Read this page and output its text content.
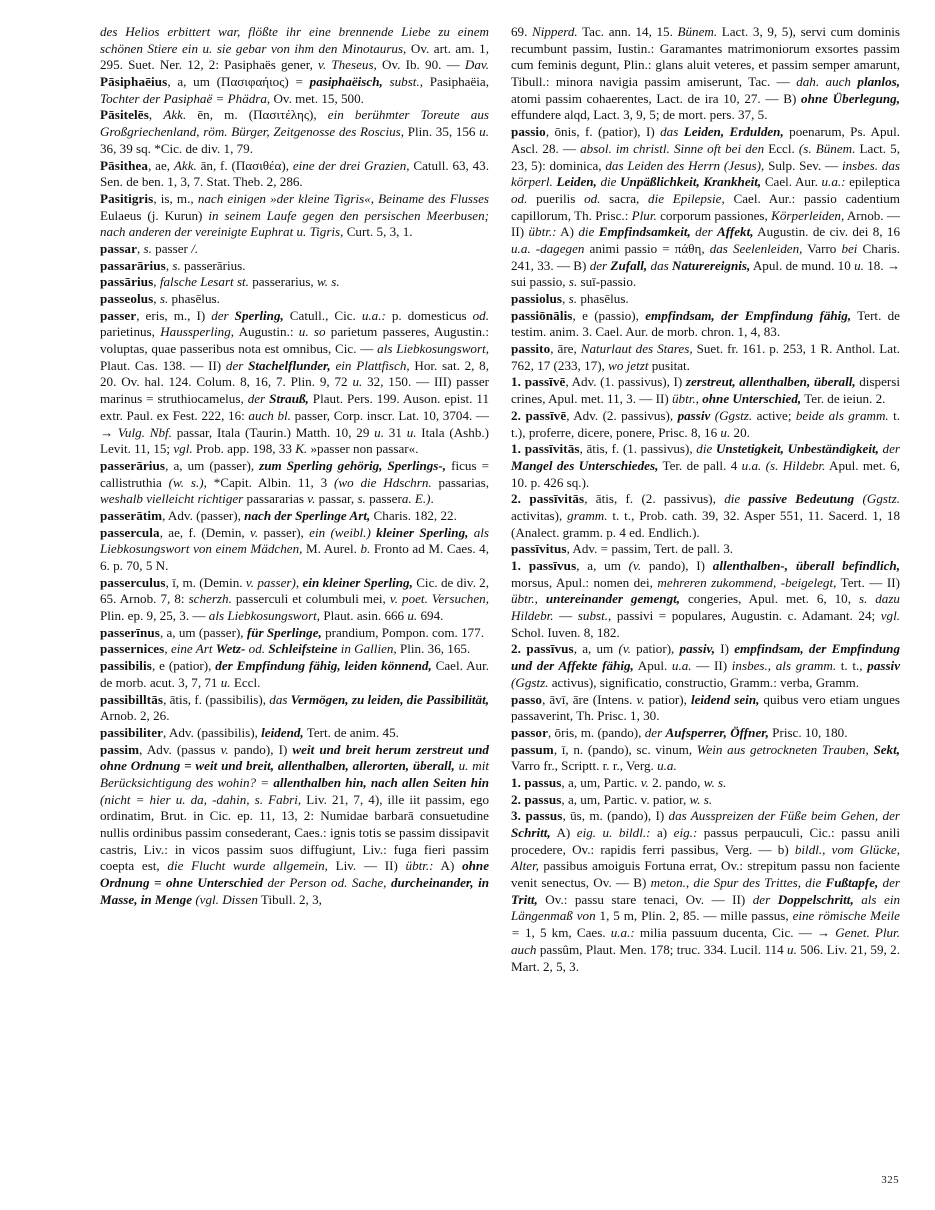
des Helios erbittert war, flößte ihr eine brennende Liebe zu einem schönen Stiere ein u. sie gebar von ihm den Minotaurus, Ov. art. am. 1, 295. Suet. Ner. 12, 2: Pasiphaës gener, v. Theseus, Ov. Ib. 90. — Dav. Pāsiphaēius, a, um (Πασιφαήιος) = pasiphaëisch, subst., Pasiphaëia, Tochter der Pasiphaë = Phädra, Ov. met. 15, 500.

Pāsitelēs, Akk. ēn, m. (Πασιτέλης), ein berühmter Toreute aus Großgriechenland, röm. Bürger, Zeitgenosse des Roscius, Plin. 35, 156 u. 36, 39 sq. *Cic. de div. 1, 79.

Pāsithea, ae, Akk. ān, f. (Πασιθέα), eine der drei Grazien, Catull. 63, 43. Sen. de ben. 1, 3, 7. Stat. Theb. 2, 286.

Pasitigris, is, m., nach einigen »der kleine Tigris«, Beiname des Flusses Eulaeus (j. Kurun) in seinem Laufe gegen den persischen Meerbusen; nach anderen der vereinigte Euphrat u. Tigris, Curt. 5, 3, 1.

passar, s. passer /.

passarārius, s. passerārius.

passārius, falsche Lesart st. passerarius, w. s.

passeolus, s. phasēlus.

passer, eris, m., I) der Sperling, Catull., Cic. u.a.: p. domesticus od. parietinus, Haussperling, Augustin.: u. so parietum passeres, Augustin.: voluptas, quae passeribus nota est omnibus, Cic. — als Liebkosungswort, Plaut. Cas. 138. — II) der Stachelflunder, ein Plattfisch, Hor. sat. 2, 8, 20. Ov. hal. 124. Colum. 8, 16, 7. Plin. 9, 72 u. 32, 150. — III) passer marinus = struthiocamelus, der Strauß, Plaut. Pers. 199. Auson. epist. 11 extr. Paul. ex Fest. 222, 16: auch bl. passer, Corp. inscr. Lat. 10, 3704. — → Vulg. Nbf. passar, Itala (Taurin.) Matth. 10, 29 u. 31 u. Itala (Ashb.) Levit. 11, 15; vgl. Prob. app. 198, 33 K. »passer non passar«.

passerārius, a, um (passer), zum Sperling gehörig, Sperlings-, ficus = callistruthia (w. s.), *Capit. Albin. 11, 3 (wo die Hdschrn. passarias, weshalb vielleicht richtiger passararias v. passar, s. passera. E.).

passerātim, Adv. (passer), nach der Sperlinge Art, Charis. 182, 22.

passercula, ae, f. (Demin, v. passer), ein (weibl.) kleiner Sperling, als Liebkosungswort von einem Mädchen, M. Aurel. b. Fronto ad M. Caes. 4, 6. p. 70, 5 N.

passerculus, ī, m. (Demin. v. passer), ein kleiner Sperling, Cic. de div. 2, 65. Arnob. 7, 8: scherzh. passerculi et columbuli mei, v. poet. Versuchen, Plin. ep. 9, 25, 3. — als Liebkosungswort, Plaut. asin. 666 u. 694.

passerīnus, a, um (passer), für Sperlinge, prandium, Pompon. com. 177.

passernices, eine Art Wetz- od. Schleifsteine in Gallien, Plin. 36, 165.

passibilis, e (patior), der Empfindung fähig, leiden könnend, Cael. Aur. de morb. acut. 3, 7, 71 u. Eccl.

passibilltās, ātis, f. (passibilis), das Vermögen, zu leiden, die Passibilität, Arnob. 2, 26.

passibiliter, Adv. (passibilis), leidend, Tert. de anim. 45.

passim, Adv. (passus v. pando), I) weit und breit herum zerstreut und ohne Ordnung = weit und breit, allenthalben, allerorten, überall, u. mit Berücksichtigung des wohin? = allenthalben hin, nach allen Seiten hin (nicht = hier u. da, -dahin, s. Fabri, Liv. 21, 7, 4), ille iit passim, ego ordinatim, Brut. in Cic. ep. 11, 13, 2: Numidae barbarā consuetudine nullis ordinibus passim consederant, Caes.: ignis totis se passim dissipavit castris, Liv.: in vicos passim suos diffugiunt, Liv.: fuga fieri passim coepta est, die Flucht wurde allgemein, Liv. — II) übtr.: A) ohne Ordnung = ohne Unterschied der Person od. Sache, durcheinander, in Masse, in Menge (vgl. Dissen Tibull. 2, 3,

69. Nipperd. Tac. ann. 14, 15. Bünem. Lact. 3, 9, 5), servi cum dominis recumbunt passim, Iustin.: Garamantes matrimoniorum exsortes passim cum feminis degunt, Plin.: glans aluit veteres, et passim semper amarunt, Tibull.: minora navigia passim amiserunt, Tac. — dah. auch planlos, atomi passim cohaerentes, Lact. de ira 10, 27. — B) ohne Überlegung, effundere alqd, Lact. 3, 9, 5; de mort. pers. 37, 5.

passio, ōnis, f. (patior), I) das Leiden, Erdulden, poenarum, Ps. Apul. Ascl. 28. — absol. im christl. Sinne oft bei den Eccl. (s. Bünem. Lact. 5, 23, 5): dominica, das Leiden des Herrn (Jesus), Sulp. Sev. — insbes. das körperl. Leiden, die Unpäßlichkeit, Krankheit, Cael. Aur. u.a.: epileptica od. puerilis od. sacra, die Epilepsie, Cael. Aur.: passio cadentium capillorum, Th. Prisc.: Plur. corporum passiones, Körperleiden, Arnob. — II) übtr.: A) die Empfindsamkeit, der Affekt, Augustin. de civ. dei 8, 16 u.a. -dagegen animi passio = πάθη, das Seelenleiden, Varro bei Charis. 241, 33. — B) der Zufall, das Naturereignis, Apul. de mund. 10 u. 18. → sui passio, s. suī-passio.

passiolus, s. phasēlus.

passiōnālis, e (passio), empfindsam, der Empfindung fähig, Tert. de testim. anim. 3. Cael. Aur. de morb. chron. 1, 4, 83.

passito, āre, Naturlaut des Stares, Suet. fr. 161. p. 253, 1 R. Anthol. Lat. 762, 17 (233, 17), wo jetzt pusitat.

1. passīvē, Adv. (1. passivus), I) zerstreut, allenthalben, überall, dispersi crines, Apul. met. 11, 3. — II) übtr., ohne Unterschied, Ter. de ieiun. 2.

2. passīvē, Adv. (2. passivus), passiv (Ggstz. active; beide als gramm. t. t.), proferre, dicere, ponere, Prisc. 8, 16 u. 20.

1. passīvitās, ātis, f. (1. passivus), die Unstetigkeit, Unbeständigkeit, der Mangel des Unterschiedes, Ter. de pall. 4 u.a. (s. Hildebr. Apul. met. 6, 10. p. 426 sq.).

2. passīvitās, ātis, f. (2. passivus), die passive Bedeutung (Ggstz. activitas), gramm. t. t., Prob. cath. 39, 32. Asper 551, 11. Sacerd. 1, 18 (Analect. gramm. p. 4 ed. Endlich.).

passīvitus, Adv. = passim, Tert. de pall. 3.

1. passīvus, a, um (v. pando), I) allenthalben-, überall befindlich, morsus, Apul.: nomen dei, mehreren zukommend, -beigelegt, Tert. — II) übtr., untereinander gemengt, congeries, Apul. met. 6, 10, s. dazu Hildebr. — subst., passivi = populares, Augustin. c. Adamant. 24; vgl. Schol. Iuven. 8, 182.

2. passīvus, a, um (v. patior), passiv, I) empfindsam, der Empfindung und der Affekte fähig, Apul. u.a. — II) insbes., als gramm. t. t., passiv (Ggstz. activus), significatio, constructio, Gramm.: verba, Gramm.

passo, āvī, āre (Intens. v. patior), leidend sein, quibus vero etiam ungues passaverint, Th. Prisc. 1, 30.

passor, ōris, m. (pando), der Aufsperrer, Öffner, Prisc. 10, 180.

passum, ī, n. (pando), sc. vinum, Wein aus getrockneten Trauben, Sekt, Varro fr., Scriptt. r. r., Verg. u.a.

1. passus, a, um, Partic. v. 2. pando, w. s.

2. passus, a, um, Partic. v. patior, w. s.

3. passus, ūs, m. (pando), I) das Ausspreizen der Füße beim Gehen, der Schritt, A) eig. u. bildl.: a) eig.: passus perpauculi, Cic.: passu anili procedere, Ov.: rapidis ferri passibus, Verg. — b) bildl., vom Glücke, Alter, passibus amoiguis Fortuna errat, Ov.: strepitum passu non faciente venit senectus, Ov. — B) meton., die Spur des Trittes, die Fußtapfe, der Tritt, Ov.: passu stare tenaci, Ov. — II) der Doppelschritt, als ein Längenmaß von 1, 5 m, Plin. 2, 85. — mille passus, eine römische Meile = 1, 5 km, Caes. u.a.: milia passuum ducenta, Cic. — → Genet. Plur. auch passûm, Plaut. Men. 178; truc. 334. Lucil. 114 u. 506. Liv. 21, 59, 2. Mart. 2, 5, 3.

325
